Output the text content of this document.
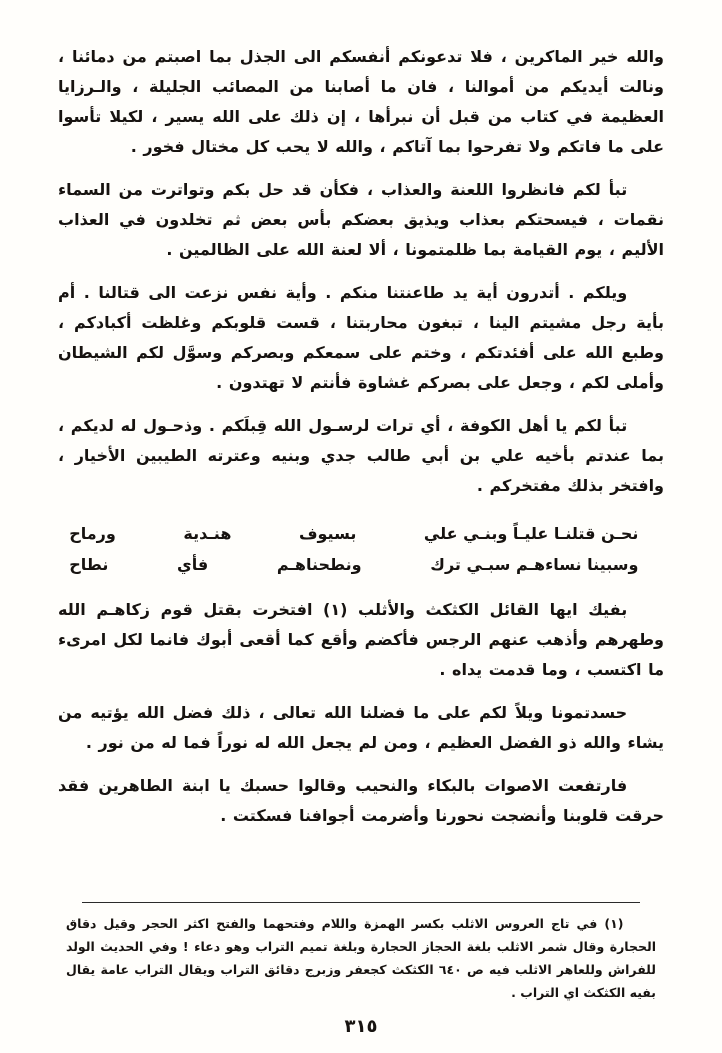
والله خير الماكرين ، فلا تدعونكم أنفسكم الى الجذل بما اصبتم من دمائنا ، ونالت أيديكم من أموالنا ، فان ما أصابنا من المصائب الجليلة ، والـرزايا العظيمة في كتاب من قبل أن نبرأها ، إن ذلك على الله يسير ، لكيلا تأسوا على ما فاتكم ولا تفرحوا بما آتاكم ، والله لا يحب كل مختال فخور .

تبأ لكم فانظروا اللعنة والعذاب ، فكأن قد حل بكم وتواترت من السماء نقمات ، فيسحتكم بعذاب ويذيق بعضكم بأس بعض ثم تخلدون في العذاب الأليم ، يوم القيامة بما ظلمتمونا ، ألا لعنة الله على الظالمين .

ويلكم . أتدرون أية يد طاعنتنا منكم . وأية نفس نزعت الى قتالنا . أم بأية رجل مشيتم الينا ، تبغون محاربتنا ، قست قلوبكم وغلظت أكبادكم ، وطبع الله على أفئدتكم ، وختم على سمعكم وبصركم وسوَّل لكم الشيطان وأملى لكم ، وجعل على بصركم غشاوة فأنتم لا تهتدون .

تبأ لكم يا أهل الكوفة ، أي ترات لرسـول الله قِبلَكم . وذحـول له لديكم ، بما عندتم بأخيه علي بن أبي طالب جدي وبنيه وعترته الطيبين الأخيار ، وافتخر بذلك مفتخركم .

نحـن قتلنـا عليـاً وبنـي علي
بسيوف
هنـدية
ورماح
وسبينا نساءهـم سبـي ترك
ونطحناهـم
فأي
نطاح

بفيك ايها القائل الكثكث والأثلب (١) افتخرت بقتل قوم زكاهـم الله وطهرهم وأذهب عنهم الرجس فأكضم وأقع كما أقعى أبوك فانما لكل امرىء ما اكتسب ، وما قدمت يداه .

حسدتمونا ويلاً لكم على ما فضلنا الله تعالى ، ذلك فضل الله يؤتيه من يشاء والله ذو الفضل العظيم ، ومن لم يجعل الله له نوراً فما له من نور .

فارتفعت الاصوات بالبكاء والنحيب وقالوا حسبك يا ابنة الطاهرين فقد حرقت قلوبنا وأنضجت نحورنا وأضرمت أجوافنا فسكتت .

(١) في تاج العروس الاثلب بكسر الهمزة واللام وفتحهما والفتح اكثر الحجر وقيل دقاق الحجارة وقال شمر الاثلب بلغة الحجاز الحجارة وبلغة تميم التراب وهو دعاء ! وفي الحديث الولد للفراش وللعاهر الاثلب فيه ص ٦٤٠ الكثكث كجعفر وزبرج دقائق التراب ويقال التراب عامة يقال بفيه الكثكث اي التراب .

٣١٥
